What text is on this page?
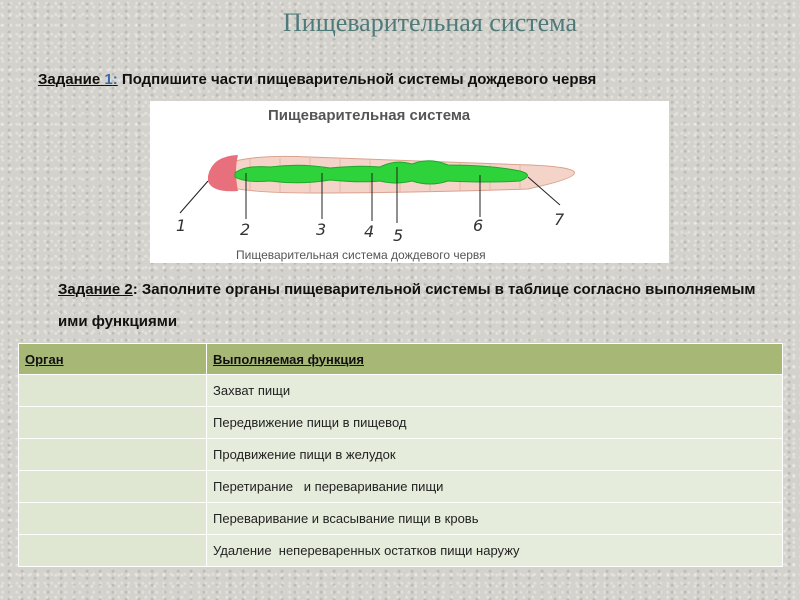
Пищеварительная система
Задание 1: Подпишите части пищеварительной системы дождевого червя
Пищеварительная система
1	2	3 4 5
6	7
Пищеварительная система дождевого червя
Задание 2: Заполните органы пищеварительной системы в таблице согласно выполняемым ими функциями
Орган	Выполняемая функция
	Захват пищи
	Передвижение пищи в пищевод
	Продвижение пищи в желудок
	Перетирание   и переваривание пищи
	Переваривание и всасывание пищи в кровь
	Удаление  непереваренных остатков пищи наружу
